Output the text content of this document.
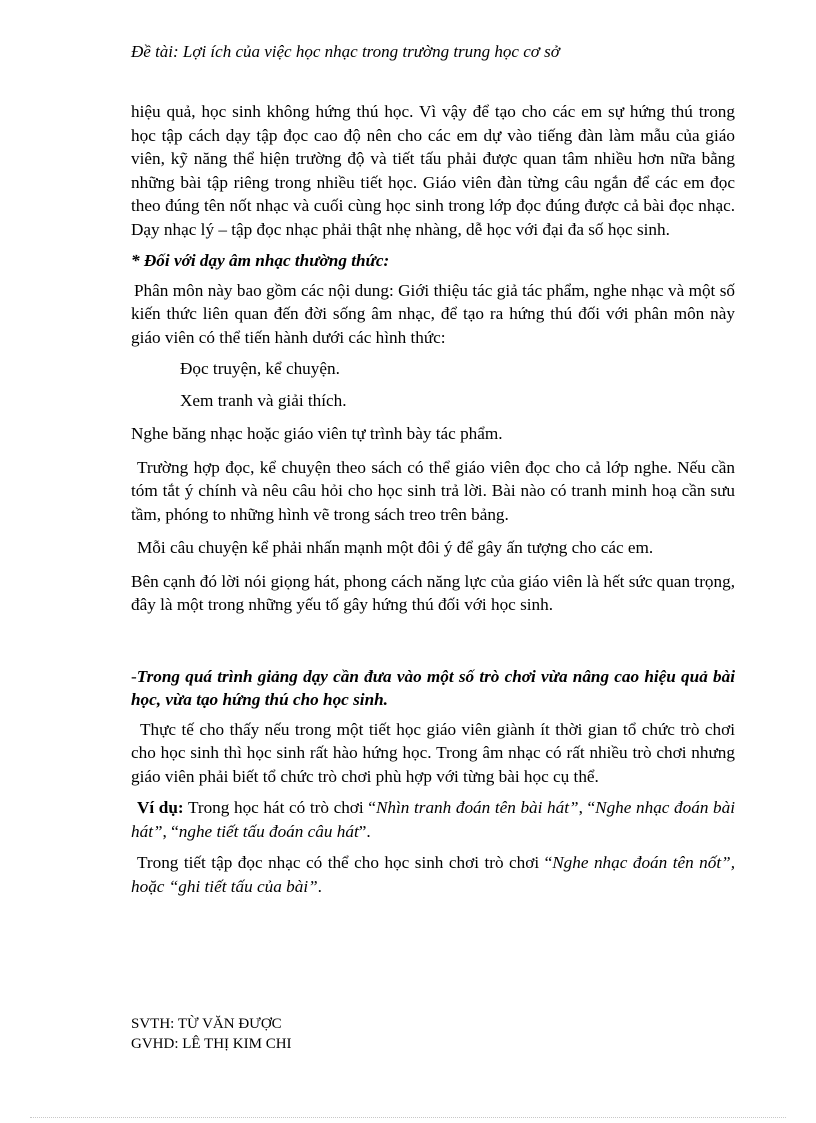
Đề tài: Lợi ích của việc học nhạc trong trường trung học cơ sở

hiệu quả, học sinh không hứng thú học. Vì vậy để tạo cho các em sự hứng thú trong học tập cách dạy tập đọc cao độ nên cho các em dự vào tiếng đàn làm mẫu của giáo viên, kỹ năng thể hiện trường độ và tiết tấu phải được quan tâm nhiều hơn nữa bằng những bài tập riêng trong nhiều tiết học. Giáo viên đàn từng câu ngắn để các em đọc theo đúng tên nốt nhạc và cuối cùng học sinh trong lớp đọc đúng được cả bài đọc nhạc. Dạy nhạc lý – tập đọc nhạc phải thật nhẹ nhàng, dễ học với đại đa số học sinh.

* Đối với dạy âm nhạc thường thức:

Phân môn này bao gồm các nội dung: Giới thiệu tác giả tác phẩm, nghe nhạc và một số kiến thức liên quan đến đời sống âm nhạc, để tạo ra hứng thú đối với phân môn này giáo viên có thể tiến hành dưới các hình thức:

Đọc truyện, kể chuyện.

Xem tranh và giải thích.

Nghe băng nhạc hoặc giáo viên tự trình bày tác phẩm.

Trường hợp đọc, kể chuyện theo sách có thể giáo viên đọc cho cả lớp nghe. Nếu cần tóm tắt ý chính và nêu câu hỏi cho học sinh trả lời. Bài nào có tranh minh hoạ cần sưu tầm, phóng to những hình vẽ trong sách treo trên bảng.

Mỗi câu chuyện kể phải nhấn mạnh một đôi ý để gây ấn tượng cho các em.

Bên cạnh đó lời nói giọng hát, phong cách năng lực của giáo viên là hết sức quan trọng, đây là một trong những yếu tố gây hứng thú đối với học sinh.

-Trong quá trình giảng dạy cần đưa vào một số trò chơi vừa nâng cao hiệu quả bài học, vừa tạo hứng thú cho học sinh.

Thực tế cho thấy nếu trong một tiết học giáo viên giành ít thời gian tổ chức trò chơi cho học sinh thì học sinh rất hào hứng học. Trong âm nhạc có rất nhiều trò chơi nhưng giáo viên phải biết tổ chức trò chơi phù hợp với từng bài học cụ thể.

Ví dụ: Trong học hát có trò chơi “Nhìn tranh đoán tên bài hát”, “Nghe nhạc đoán bài hát”, “nghe tiết tấu đoán câu hát”.

Trong tiết tập đọc nhạc có thể cho học sinh chơi trò chơi “Nghe nhạc đoán tên nốt”, hoặc “ghi tiết tấu của bài”.

SVTH: TỪ VĂN ĐƯỢC
GVHD: LÊ THỊ KIM CHI
